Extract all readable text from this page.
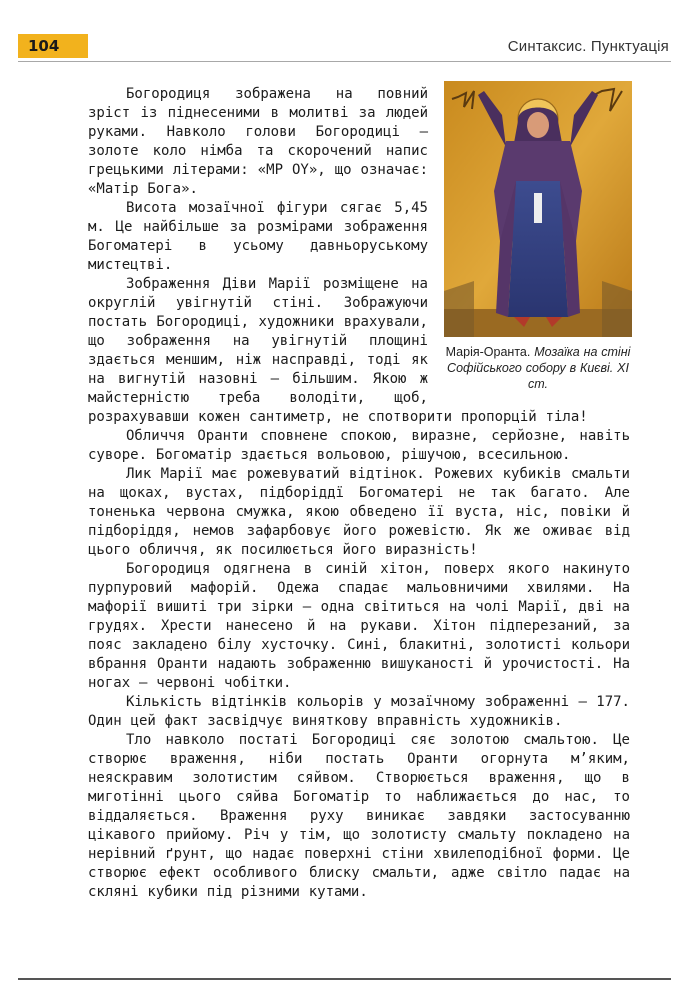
104	Синтаксис. Пунктуація
Марія-Оранта. Мозаїка на стіні Софійського собору в Києві. XI ст.

Богородиця зображена на повний зріст із піднесеними в молитві за людей руками. Навколо голови Богородиці — золоте коло німба та скорочений напис грецькими літерами: «MP OY», що означає: «Матір Бога».

Висота мозаїчної фігури сягає 5,45 м. Це найбільше за розмірами зображення Богоматері в усьому давньоруському мистецтві.

Зображення Діви Марії розміщене на округлій увігнутій стіні. Зображуючи постать Богородиці, художники врахували, що зображення на увігнутій площині здається меншим, ніж насправді, тоді як на вигнутій назовні — більшим. Якою ж майстерністю треба володіти, щоб, розрахувавши кожен сантиметр, не спотворити пропорцій тіла!

Обличчя Оранти сповнене спокою, виразне, серйозне, навіть суворе. Богоматір здається вольовою, рішучою, всесильною.

Лик Марії має рожевуватий відтінок. Рожевих кубиків смальти на щоках, вустах, підборіддї Богоматері не так багато. Але тоненька червона смужка, якою обведено її вуста, ніс, повіки й підборіддя, немов зафарбовує його рожевістю. Як же оживає від цього обличчя, як посилюється його виразність!

Богородиця одягнена в синій хітон, поверх якого накинуто пурпуровий мафорій. Одежа спадає мальовничими хвилями. На мафорії вишиті три зірки — одна світиться на чолі Марії, дві на грудях. Хрести нанесено й на рукави. Хітон підперезаний, за пояс закладено білу хусточку. Сині, блакитні, золотисті кольори вбрання Оранти надають зображенню вишуканості й урочистості. На ногах — червоні чобітки.

Кількість відтінків кольорів у мозаїчному зображенні — 177. Один цей факт засвідчує виняткову вправність художників.

Тло навколо постаті Богородиці сяє золотою смальтою. Це створює враження, ніби постать Оранти огорнута м’яким, неяскравим золотистим сяйвом. Створюється враження, що в миготінні цього сяйва Богоматір то наближається до нас, то віддаляється. Враження руху виникає завдяки застосуванню цікавого прийому. Річ у тім, що золотисту смальту покладено на нерівний ґрунт, що надає поверхні стіни хвилеподібної форми. Це створює ефект особливого блиску смальти, адже світло падає на скляні кубики під різними кутами.
